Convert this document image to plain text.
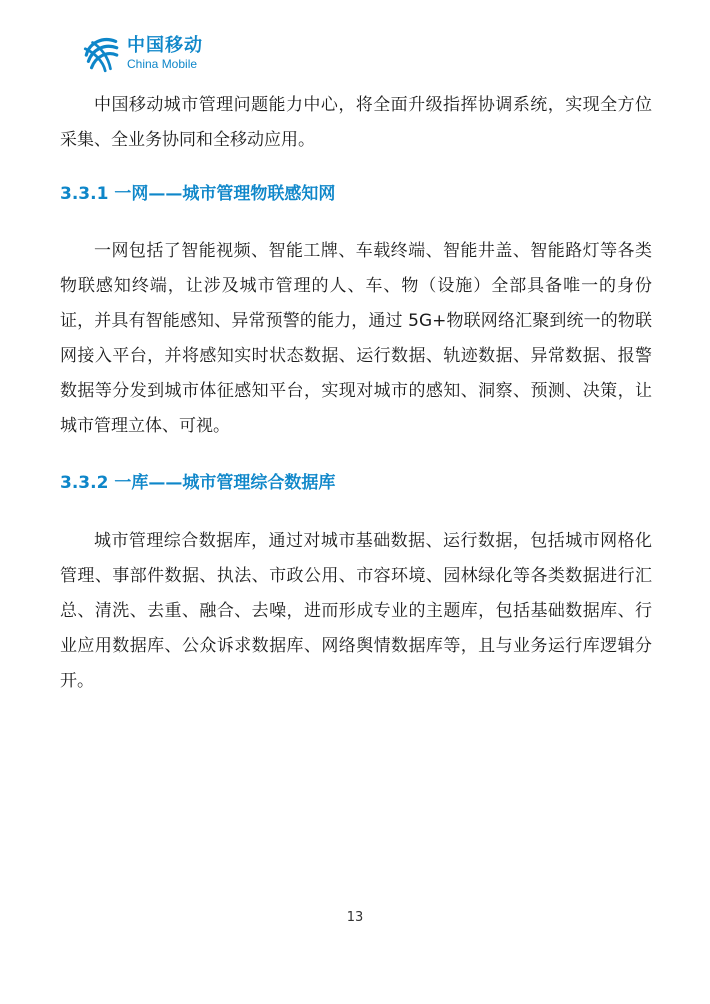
中国移动
China Mobile

中国移动城市管理问题能力中心，将全面升级指挥协调系统，实现全方位采集、全业务协同和全移动应用。

3.3.1 一网——城市管理物联感知网

一网包括了智能视频、智能工牌、车载终端、智能井盖、智能路灯等各类物联感知终端，让涉及城市管理的人、车、物（设施）全部具备唯一的身份证，并具有智能感知、异常预警的能力，通过 5G+物联网络汇聚到统一的物联网接入平台，并将感知实时状态数据、运行数据、轨迹数据、异常数据、报警数据等分发到城市体征感知平台，实现对城市的感知、洞察、预测、决策，让城市管理立体、可视。

3.3.2 一库——城市管理综合数据库

城市管理综合数据库，通过对城市基础数据、运行数据，包括城市网格化管理、事部件数据、执法、市政公用、市容环境、园林绿化等各类数据进行汇总、清洗、去重、融合、去噪，进而形成专业的主题库，包括基础数据库、行业应用数据库、公众诉求数据库、网络舆情数据库等，且与业务运行库逻辑分开。

13
